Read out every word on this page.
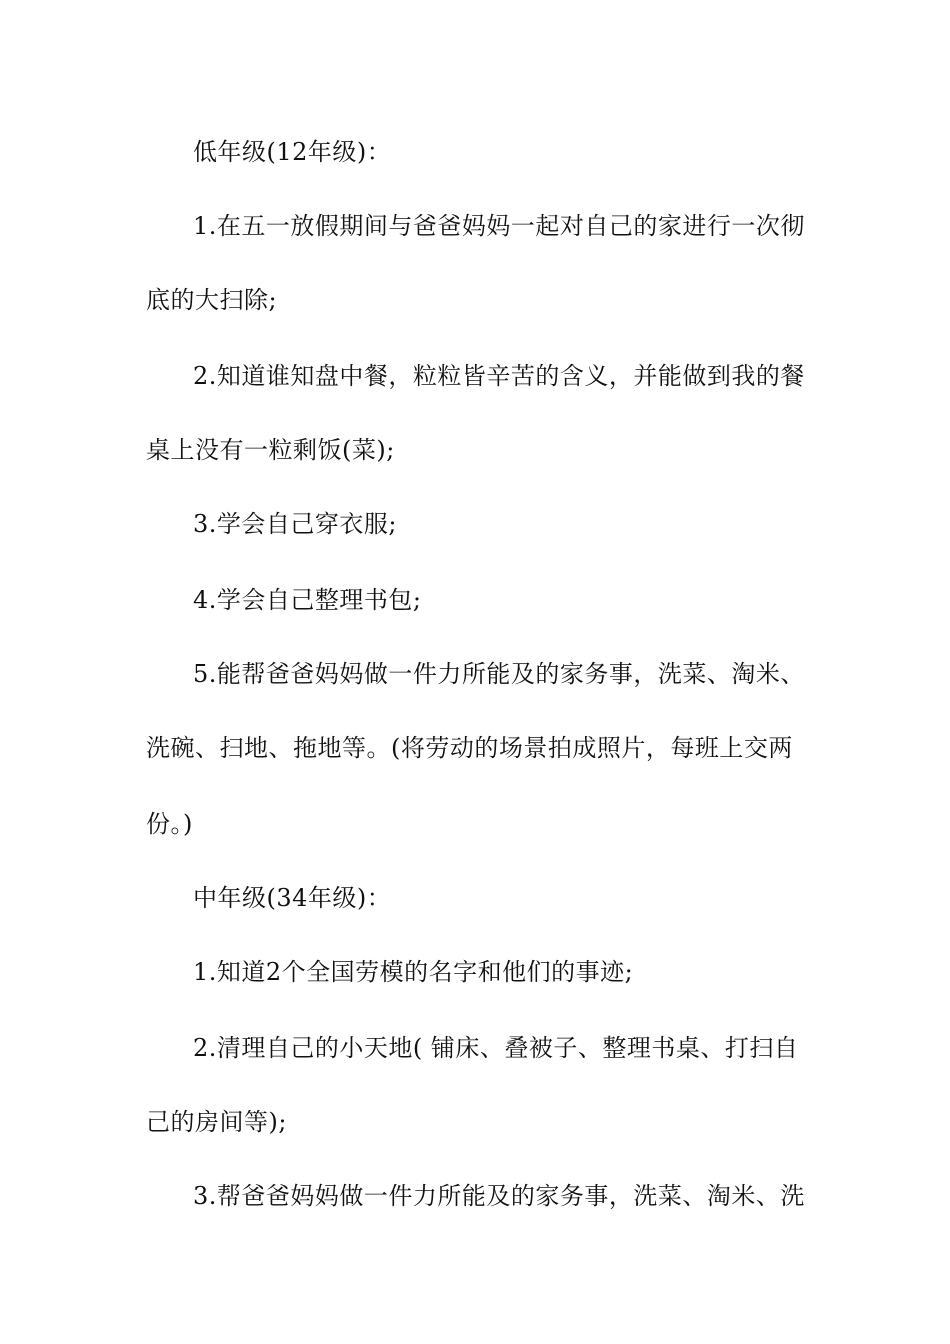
低年级(12年级)：
1.在五一放假期间与爸爸妈妈一起对自己的家进行一次彻
底的大扫除;
2.知道谁知盘中餐，粒粒皆辛苦的含义，并能做到我的餐
桌上没有一粒剩饭(菜);
3.学会自己穿衣服;
4.学会自己整理书包;
5.能帮爸爸妈妈做一件力所能及的家务事，洗菜、淘米、
洗碗、扫地、拖地等。(将劳动的场景拍成照片，每班上交两
份。)
中年级(34年级)：
1.知道2个全国劳模的名字和他们的事迹;
2.清理自己的小天地( 铺床、叠被子、整理书桌、打扫自
己的房间等);
3.帮爸爸妈妈做一件力所能及的家务事，洗菜、淘米、洗
